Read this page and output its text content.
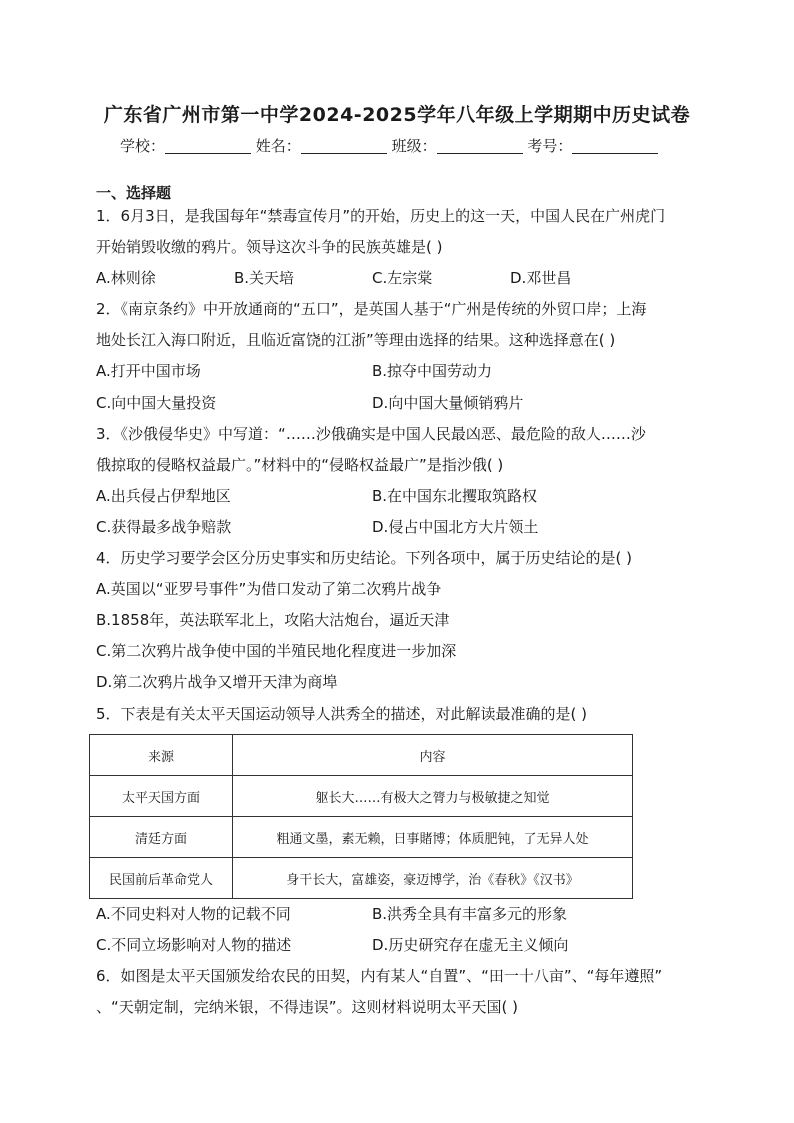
广东省广州市第一中学2024-2025学年八年级上学期期中历史试卷
学校：	姓名：	班级：	考号：
一、选择题
1．6月3日，是我国每年“禁毒宣传月”的开始，历史上的这一天，中国人民在广州虎门
开始销毁收缴的鸦片。领导这次斗争的民族英雄是( )
A.林则徐	B.关天培	C.左宗棠	D.邓世昌
2．《南京条约》中开放通商的“五口”，是英国人基于“广州是传统的外贸口岸；上海
地处长江入海口附近，且临近富饶的江浙”等理由选择的结果。这种选择意在( )
A.打开中国市场	B.掠夺中国劳动力
C.向中国大量投资	D.向中国大量倾销鸦片
3．《沙俄侵华史》中写道：“……沙俄确实是中国人民最凶恶、最危险的敌人……沙
俄掠取的侵略权益最广。”材料中的“侵略权益最广”是指沙俄( )
A.出兵侵占伊犁地区	B.在中国东北攫取筑路权
C.获得最多战争赔款	D.侵占中国北方大片领土
4．历史学习要学会区分历史事实和历史结论。下列各项中，属于历史结论的是( )
A.英国以“亚罗号事件”为借口发动了第二次鸦片战争
B.1858年，英法联军北上，攻陷大沽炮台，逼近天津
C.第二次鸦片战争使中国的半殖民地化程度进一步加深
D.第二次鸦片战争又增开天津为商埠
5．下表是有关太平天国运动领导人洪秀全的描述，对此解读最准确的是( )
来源	内容
太平天国方面	躯长大……有极大之膂力与极敏捷之知觉
清廷方面	粗通文墨，素无赖，日事賭博；体质肥钝，了无异人处
民国前后革命党人	身干长大，富雄姿，豪迈博学，治《春秋》《汉书》
A.不同史料对人物的记载不同	B.洪秀全具有丰富多元的形象
C.不同立场影响对人物的描述	D.历史研究存在虚无主义倾向
6．如图是太平天国颁发给农民的田契，内有某人“自置”、“田一十八亩”、“每年遵照”
、“天朝定制，完纳米银，不得违误”。这则材料说明太平天国( )
